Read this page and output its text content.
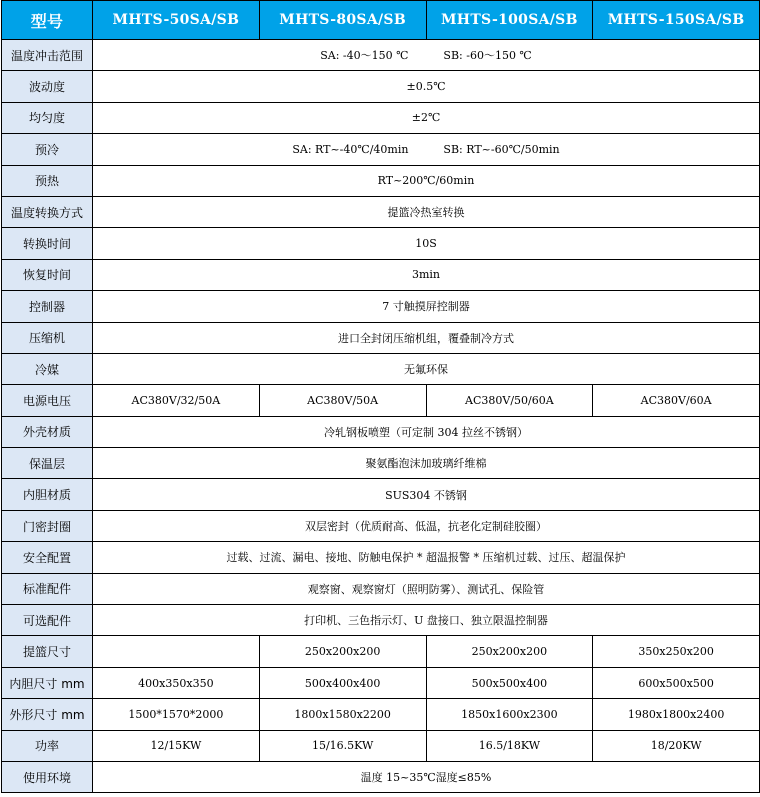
型号	MHTS-50SA/SB	MHTS-80SA/SB	MHTS-100SA/SB	MHTS-150SA/SB
温度冲击范围	SA: -40～150 ℃          SB: -60～150 ℃			
波动度	±0.5℃			
均匀度	±2℃			
预冷	SA: RT~-40℃/40min          SB: RT~-60℃/50min			
预热	RT~200℃/60min			
温度转换方式	提篮冷热室转换			
转换时间	10S			
恢复时间	3min			
控制器	7 寸触摸屏控制器			
压缩机	进口全封闭压缩机组，覆叠制冷方式			
冷媒	无氟环保			
电源电压	AC380V/32/50A	AC380V/50A	AC380V/50/60A	AC380V/60A
外壳材质	冷轧钢板喷塑（可定制 304 拉丝不锈钢）			
保温层	聚氨酯泡沫加玻璃纤维棉			
内胆材质	SUS304 不锈钢			
门密封圈	双层密封（优质耐高、低温，抗老化定制硅胶圈）			
安全配置	过载、过流、漏电、接地、防触电保护 * 超温报警 * 压缩机过载、过压、超温保护			
标准配件	观察窗、观察窗灯（照明防雾）、测试孔、保险管			
可选配件	打印机、三色指示灯、U 盘接口、独立限温控制器			
提篮尺寸		250x200x200	250x200x200	350x250x200
内胆尺寸 mm	400x350x350	500x400x400	500x500x400	600x500x500
外形尺寸 mm	1500*1570*2000	1800x1580x2200	1850x1600x2300	1980x1800x2400
功率	12/15KW	15/16.5KW	16.5/18KW	18/20KW
使用环境	温度 15~35℃湿度≤85%			
